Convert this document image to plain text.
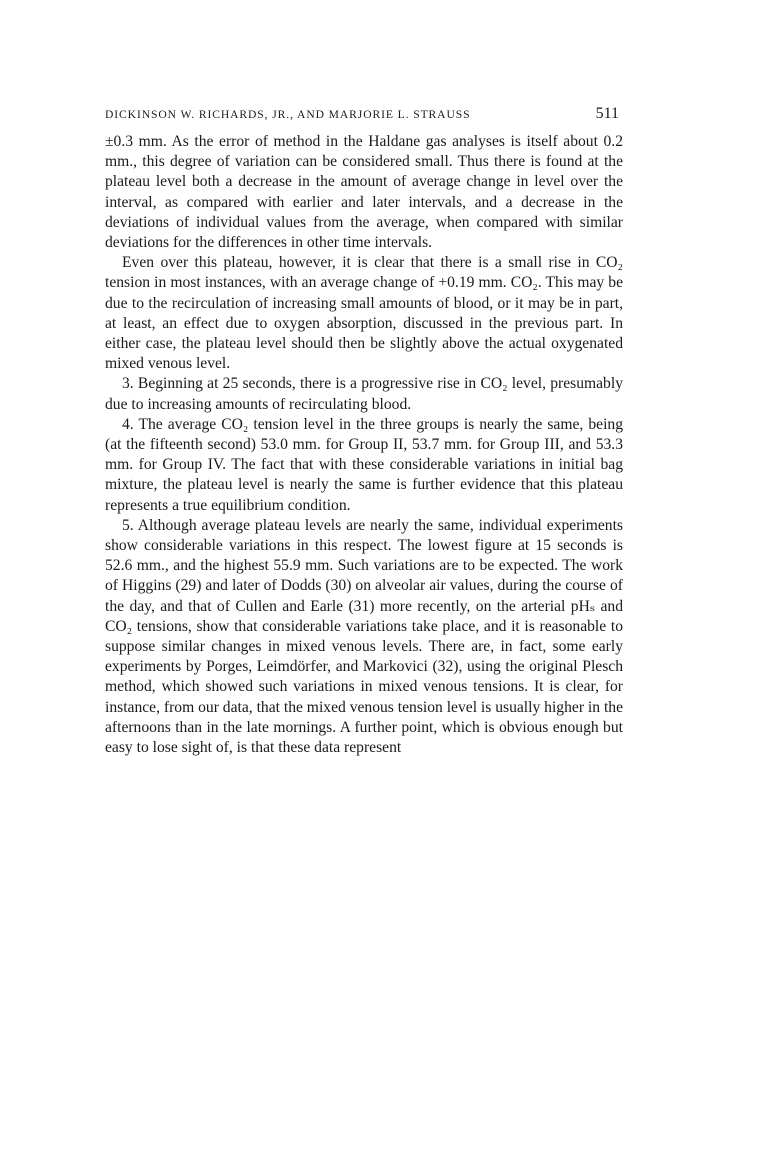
DICKINSON W. RICHARDS, JR., AND MARJORIE L. STRAUSS	511

±0.3 mm. As the error of method in the Haldane gas analyses is itself about 0.2 mm., this degree of variation can be considered small. Thus there is found at the plateau level both a decrease in the amount of average change in level over the interval, as compared with earlier and later intervals, and a decrease in the deviations of individual values from the average, when compared with similar deviations for the differences in other time intervals.

Even over this plateau, however, it is clear that there is a small rise in CO₂ tension in most instances, with an average change of +0.19 mm. CO₂. This may be due to the recirculation of increasing small amounts of blood, or it may be in part, at least, an effect due to oxygen absorption, discussed in the previous part. In either case, the plateau level should then be slightly above the actual oxygenated mixed venous level.

3. Beginning at 25 seconds, there is a progressive rise in CO₂ level, presumably due to increasing amounts of recirculating blood.

4. The average CO₂ tension level in the three groups is nearly the same, being (at the fifteenth second) 53.0 mm. for Group II, 53.7 mm. for Group III, and 53.3 mm. for Group IV. The fact that with these considerable variations in initial bag mixture, the plateau level is nearly the same is further evidence that this plateau represents a true equilibrium condition.

5. Although average plateau levels are nearly the same, individual experiments show considerable variations in this respect. The lowest figure at 15 seconds is 52.6 mm., and the highest 55.9 mm. Such variations are to be expected. The work of Higgins (29) and later of Dodds (30) on alveolar air values, during the course of the day, and that of Cullen and Earle (31) more recently, on the arterial pHₛ and CO₂ tensions, show that considerable variations take place, and it is reasonable to suppose similar changes in mixed venous levels. There are, in fact, some early experiments by Porges, Leimdörfer, and Markovici (32), using the original Plesch method, which showed such variations in mixed venous tensions. It is clear, for instance, from our data, that the mixed venous tension level is usually higher in the afternoons than in the late mornings. A further point, which is obvious enough but easy to lose sight of, is that these data represent
